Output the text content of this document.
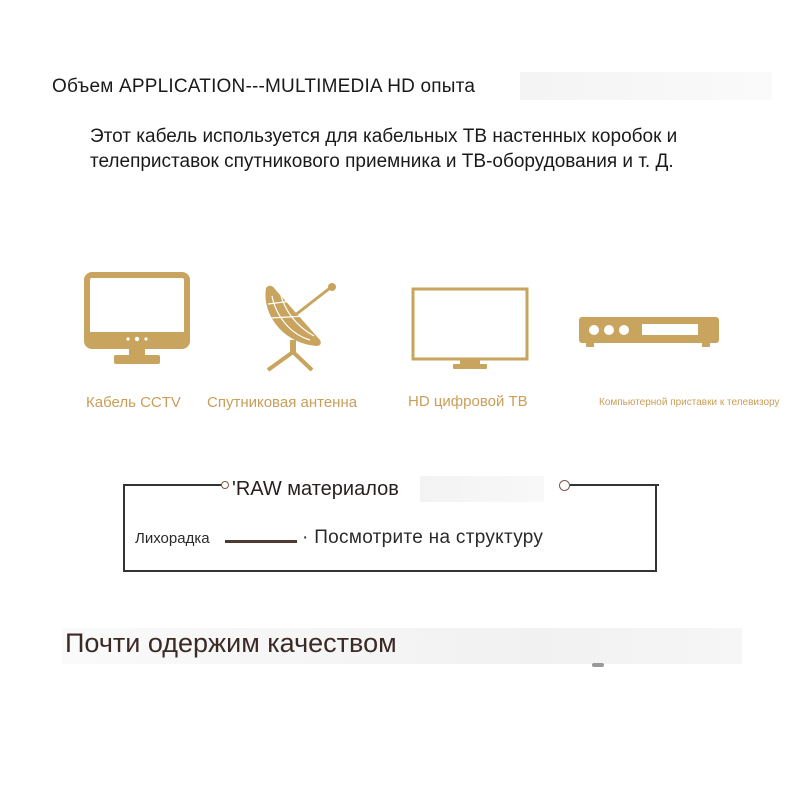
Объем APPLICATION---MULTIMEDIA HD опыта
Этот кабель используется для кабельных ТВ настенных коробок и телеприставок спутникового приемника и ТВ-оборудования и т. Д.
Кабель CCTV Спутниковая антенна	HD цифровой ТВ	Компьютерной приставки к телевизору
'RAW материалов
Лихорадка	· Посмотрите на структуру
Почти одержим качеством
